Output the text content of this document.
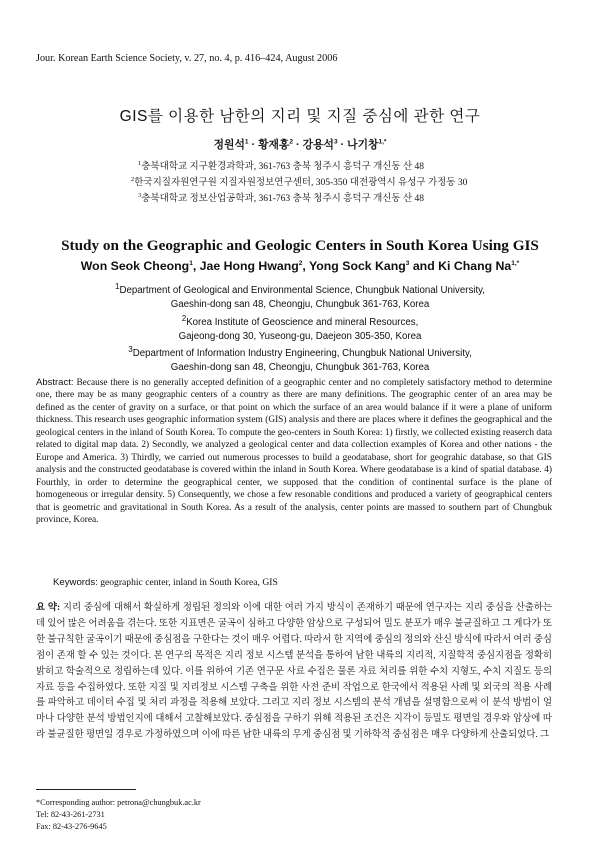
Jour. Korean Earth Science Society, v. 27, no. 4, p. 416–424, August 2006
GIS를 이용한 남한의 지리 및 지질 중심에 관한 연구
정원석$^1$ · 황재홍$^2$ · 강용석$^3$ · 나기창$^{1,*}$
$^1$충북대학교 지구환경과학과, 361-763 충북 청주시 흥덕구 개신동 산 48
$^2$한국지질자원연구원 지질자원정보연구센터, 305-350 대전광역시 유성구 가정동 30
$^3$충북대학교 정보산업공학과, 361-763 충북 청주시 흥덕구 개신동 산 48
Study on the Geographic and Geologic Centers in South Korea Using GIS
Won Seok Cheong$^1$, Jae Hong Hwang$^2$, Yong Sock Kang$^3$ and Ki Chang $Na^{1,*}$
$^1$Department of Geological and Environmental Science, Chungbuk National University,
Gaeshin-dong san 48, Cheongju, Chungbuk 361-763, Korea
$^2$Korea Institute of Geoscience and mineral Resources,
Gajeong-dong 30, Yuseong-gu, Daejeon 305-350, Korea
$^3$Department of Information Industry Engineering, Chungbuk National University,
Gaeshin-dong san 48, Cheongju, Chungbuk 361-763, Korea
Abstract: Because there is no generally accepted definition of a geographic center and no completely satisfactory method to determine one, there may be as many geographic centers of a country as there are many definitions. The geographic center of an area may be defined as the center of gravity on a surface, or that point on which the surface of an area would balance if it were a plane of uniform thickness. This research uses geographic information system (GIS) analysis and there are places where it defines the geographical and the geological centers in the inland of South Korea. To compute the geo-centers in South Korea: 1) firstly, we collected existing reaserch data related to digital map data. 2) Secondly, we analyzed a geological center and data collection examples of Korea and other nations - the Europe and America. 3) Thirdly, we carried out numerous processes to build a geodatabase, short for geograhic database, so that GIS analysis and the constructed geodatabase is covered within the inland in South Korea. Where geodatabase is a kind of spatial database. 4) Fourthly, in order to determine the geographical center, we supposed that the condition of continental surface is the plane of homogeneous or irregular density. 5) Consequently, we chose a few resonable conditions and produced a variety of geographical centers that is geometric and gravitational in South Korea. As a result of the analysis, center points are massed to southern part of Chungbuk province, Korea.
Keywords: geographic center, inland in South Korea, GIS
요 약: 지리 중심에 대해서 확실하게 정립된 정의와 이에 대한 여러 가지 방식이 존재하기 때문에 연구자는 지리 중심을 산출하는데 있어 많은 어려움을 겪는다. 또한 지표면은 굴곡이 심하고 다양한 암상으로 구성되어 밀도 분포가 매우 불균질하고 그 게다가 또한 불규칙한 굴곡이기 때문에 중심점을 구한다는 것이 매우 어렵다. 따라서 한 지역에 중심의 정의와 산신 방식에 따라서 여러 중심점이 존재 할 수 있는 것이다. 본 연구의 목적은 지리 정보 시스템 분석을 통하여 남한 내륙의 지리적, 지질학적 중심지점을 정확히 밝히고 학술적으로 정립하는데 있다. 이를 위하여 기존 연구문 사료 수집은 물론 자료 처리를 위한 수치 지형도, 수치 지질도 등의 자료 등을 수집하였다. 또한 지질 및 지리정보 시스템 구축을 위한 사전 준비 작업으로 한국에서 적용된 사례 및 외국의 적용 사례를 파악하고 데이터 수집 및 처리 과정을 적용해 보았다. 그리고 지리 정보 시스템의 분석 개념을 설명함으로써 이 분석 방법이 얼마나 다양한 분석 방법인지에 대해서 고찰해보았다. 중심점을 구하기 위해 적용된 조건은 지각이 등밀도 평면일 경우와 암상에 따라 불균질한 평면일 경우로 가정하였으며 이에 따른 남한 내륙의 무게 중심점 및 기하학적 중심점은 매우 다양하게 산출되었다. 그
*Corresponding author: petrona@chungbuk.ac.kr
Tel: 82-43-261-2731
Fax: 82-43-276-9645
